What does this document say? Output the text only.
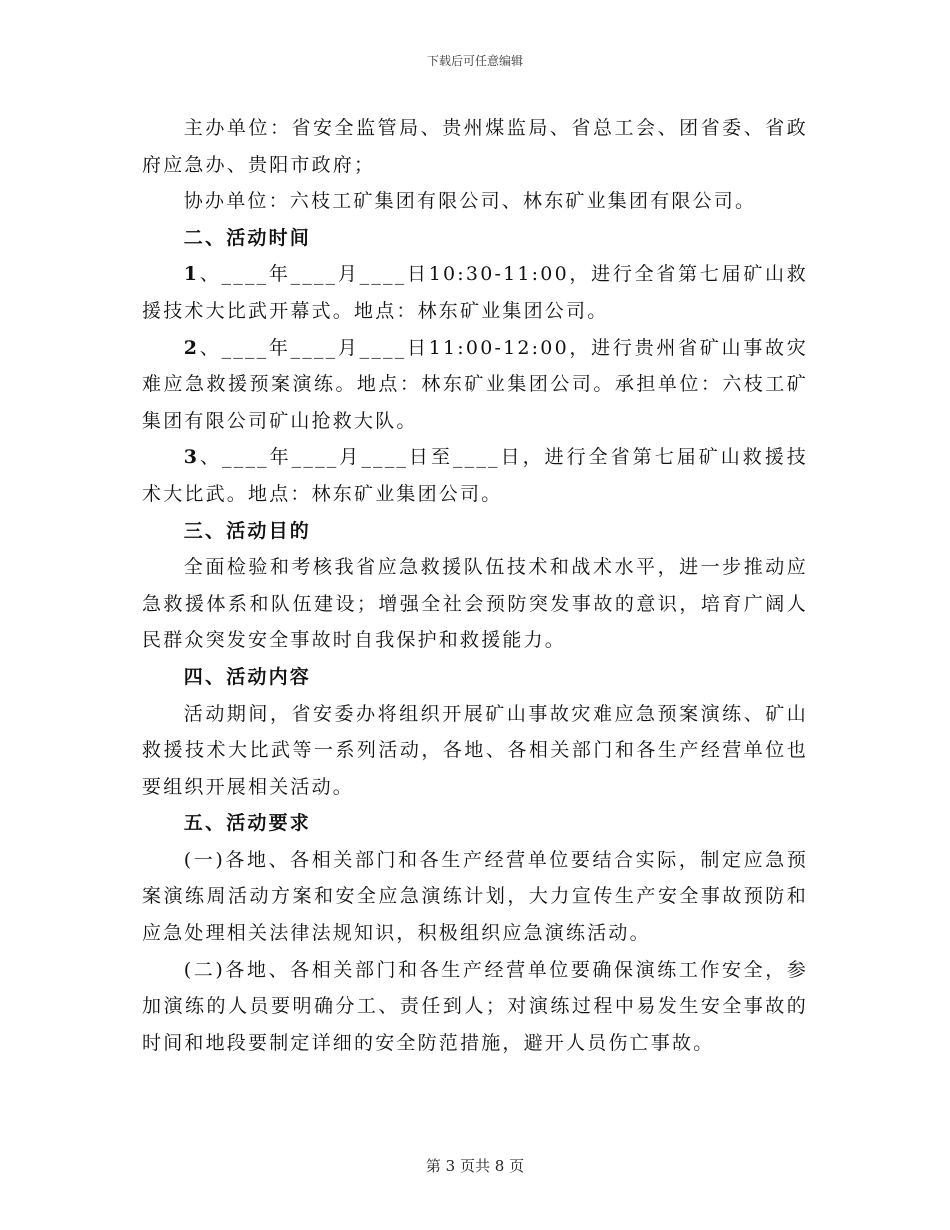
下载后可任意编辑

主办单位：省安全监管局、贵州煤监局、省总工会、团省委、省政府应急办、贵阳市政府；

协办单位：六枝工矿集团有限公司、林东矿业集团有限公司。

二、活动时间

1、____年____月____日10:30-11:00，进行全省第七届矿山救援技术大比武开幕式。地点：林东矿业集团公司。

2、____年____月____日11:00-12:00，进行贵州省矿山事故灾难应急救援预案演练。地点：林东矿业集团公司。承担单位：六枝工矿集团有限公司矿山抢救大队。

3、____年____月____日至____日，进行全省第七届矿山救援技术大比武。地点：林东矿业集团公司。

三、活动目的

全面检验和考核我省应急救援队伍技术和战术水平，进一步推动应急救援体系和队伍建设；增强全社会预防突发事故的意识，培育广阔人民群众突发安全事故时自我保护和救援能力。

四、活动内容

活动期间，省安委办将组织开展矿山事故灾难应急预案演练、矿山救援技术大比武等一系列活动，各地、各相关部门和各生产经营单位也要组织开展相关活动。

五、活动要求

(一)各地、各相关部门和各生产经营单位要结合实际，制定应急预案演练周活动方案和安全应急演练计划，大力宣传生产安全事故预防和应急处理相关法律法规知识，积极组织应急演练活动。

(二)各地、各相关部门和各生产经营单位要确保演练工作安全，参加演练的人员要明确分工、责任到人；对演练过程中易发生安全事故的时间和地段要制定详细的安全防范措施，避开人员伤亡事故。

第 3 页共 8 页
